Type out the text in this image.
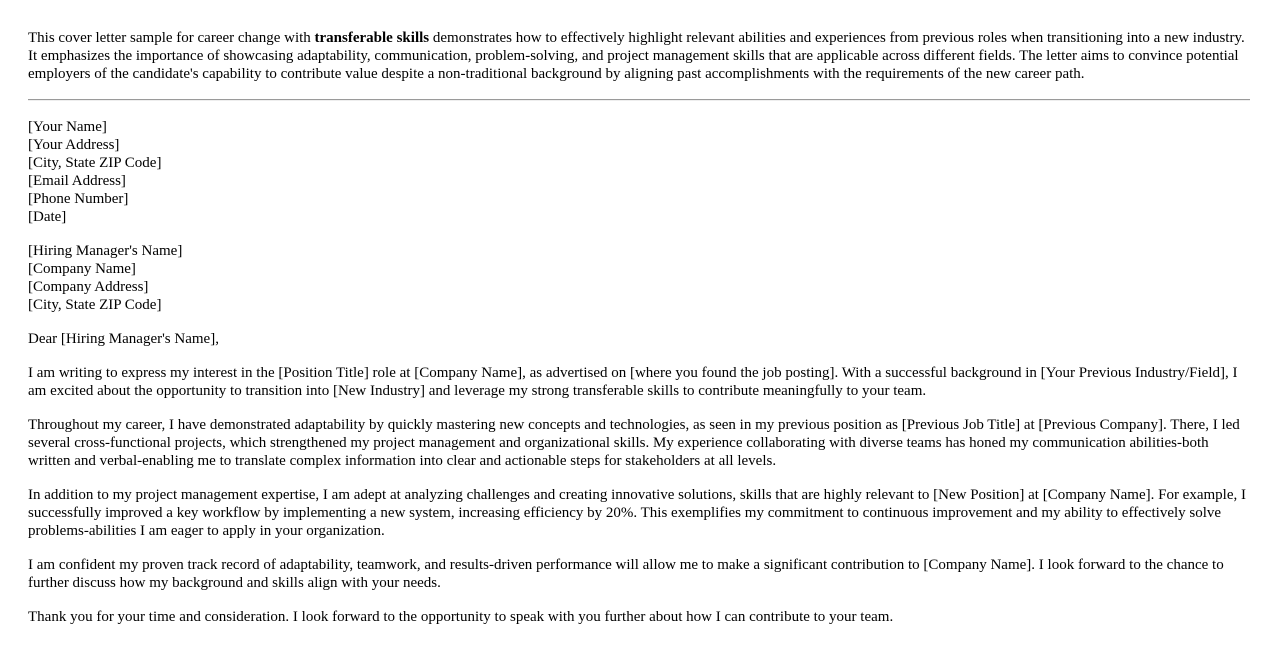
This cover letter sample for career change with transferable skills demonstrates how to effectively highlight relevant abilities and experiences from previous roles when transitioning into a new industry. It emphasizes the importance of showcasing adaptability, communication, problem-solving, and project management skills that are applicable across different fields. The letter aims to convince potential employers of the candidate's capability to contribute value despite a non-traditional background by aligning past accomplishments with the requirements of the new career path.

[Your Name]
[Your Address]
[City, State ZIP Code]
[Email Address]
[Phone Number]
[Date]
[Hiring Manager's Name]
[Company Name]
[Company Address]
[City, State ZIP Code]

Dear [Hiring Manager's Name],

I am writing to express my interest in the [Position Title] role at [Company Name], as advertised on [where you found the job posting]. With a successful background in [Your Previous Industry/Field], I am excited about the opportunity to transition into [New Industry] and leverage my strong transferable skills to contribute meaningfully to your team.

Throughout my career, I have demonstrated adaptability by quickly mastering new concepts and technologies, as seen in my previous position as [Previous Job Title] at [Previous Company]. There, I led several cross-functional projects, which strengthened my project management and organizational skills. My experience collaborating with diverse teams has honed my communication abilities-both written and verbal-enabling me to translate complex information into clear and actionable steps for stakeholders at all levels.

In addition to my project management expertise, I am adept at analyzing challenges and creating innovative solutions, skills that are highly relevant to [New Position] at [Company Name]. For example, I successfully improved a key workflow by implementing a new system, increasing efficiency by 20%. This exemplifies my commitment to continuous improvement and my ability to effectively solve problems-abilities I am eager to apply in your organization.

I am confident my proven track record of adaptability, teamwork, and results-driven performance will allow me to make a significant contribution to [Company Name]. I look forward to the chance to further discuss how my background and skills align with your needs.

Thank you for your time and consideration. I look forward to the opportunity to speak with you further about how I can contribute to your team.
